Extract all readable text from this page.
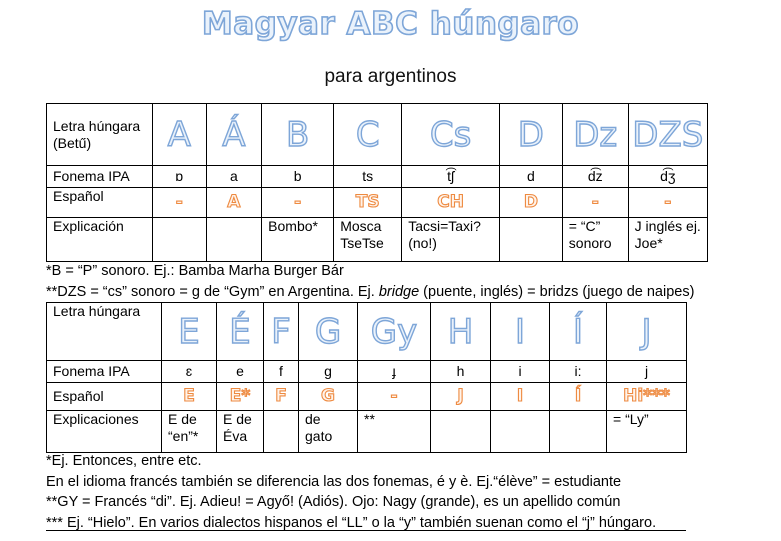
Magyar ABC húngaro
para argentinos
Letra húngara (Betű)	A	Á	B	C	Cs	D	Dz	DZS
Fonema IPA	ɒ	a	b	ts	t͡ʃ	d	d͡z	d͡ʒ
Español	-	A	-	TS	CH	D	-	-
Explicación			Bombo*	Mosca TseTse	Tacsi=Taxi? (no!)		= “C” sonoro	J inglés ej. Joe*
*B = “P” sonoro. Ej.: Bamba Marha Burger Bár
**DZS = “cs” sonoro = g de “Gym” en Argentina. Ej. bridge (puente, inglés) = bridzs (juego de naipes)
Letra húngara	E	É	F	G	Gy	H	I	Í	J
Fonema IPA	ɛ	e	f	g	ɟ	h	i	i:	j
Español	E	E*	F	G	-	J	I	Í	Hi***
Explicaciones	E de “en”*	E de Éva		de gato	**				= “Ly”
*Ej. Entonces, entre etc.
En el idioma francés también se diferencia las dos fonemas, é y è. Ej.“élève” = estudiante
**GY = Francés “di”. Ej. Adieu! = Agyő! (Adiós). Ojo: Nagy (grande), es un apellido común
*** Ej. “Hielo”. En varios dialectos hispanos el “LL” o la “y” también suenan como el “j” húngaro.
